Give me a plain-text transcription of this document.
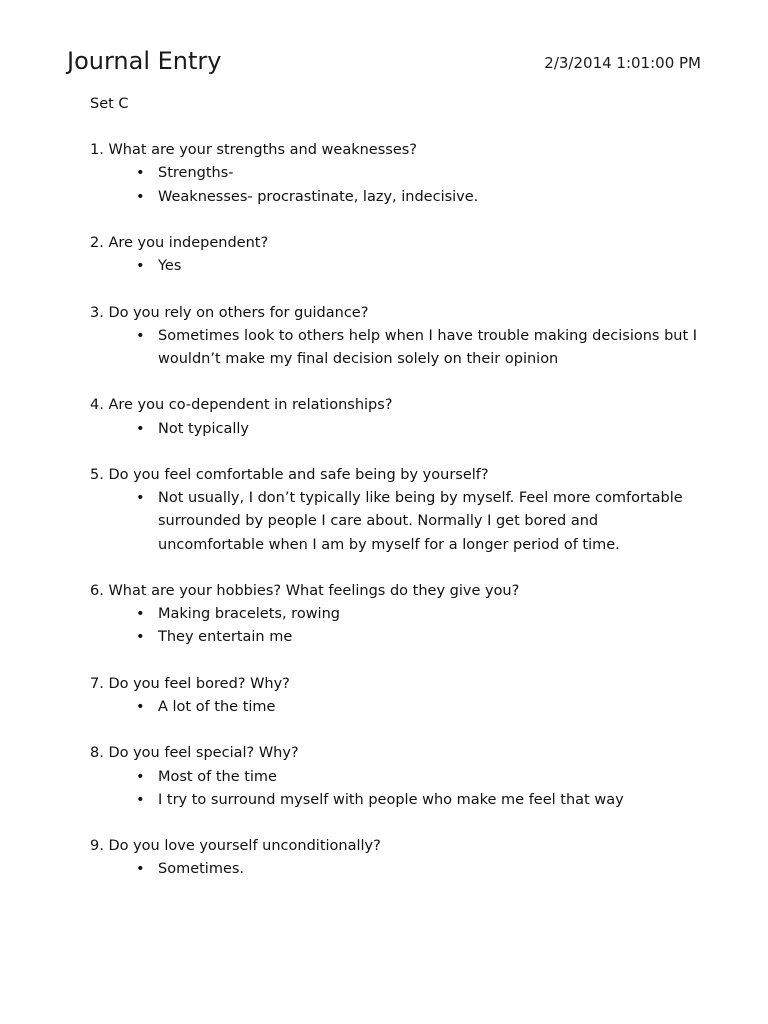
Journal Entry	2/3/2014 1:01:00 PM
Set C
1. What are your strengths and weaknesses?
• Strengths-
• Weaknesses- procrastinate, lazy, indecisive.
2. Are you independent?
• Yes
3. Do you rely on others for guidance?
• Sometimes look to others help when I have trouble making decisions but I wouldn’t make my final decision solely on their opinion
4. Are you co-dependent in relationships?
• Not typically
5. Do you feel comfortable and safe being by yourself?
• Not usually, I don’t typically like being by myself. Feel more comfortable surrounded by people I care about. Normally I get bored and uncomfortable when I am by myself for a longer period of time.
6. What are your hobbies? What feelings do they give you?
• Making bracelets, rowing
• They entertain me
7. Do you feel bored? Why?
• A lot of the time
8. Do you feel special? Why?
• Most of the time
• I try to surround myself with people who make me feel that way
9. Do you love yourself unconditionally?
• Sometimes.
